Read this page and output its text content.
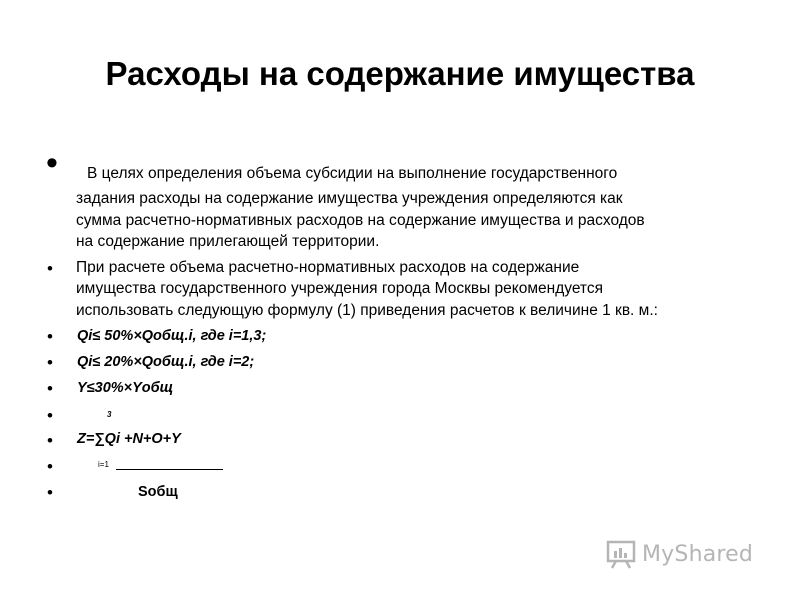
Расходы на содержание имущества
• В целях определения объема субсидии на выполнение государственного
задания расходы на содержание имущества учреждения определяются как
сумма расчетно-нормативных расходов на содержание имущества и расходов
на содержание прилегающей территории.
• При расчете объема расчетно-нормативных расходов на содержание
имущества государственного учреждения города Москвы рекомендуется
использовать следующую формулу (1) приведения расчетов к величине 1 кв. м.:
• Qi≤ 50%×Qобщ.i, где i=1,3;
• Qi≤ 20%×Qобщ.i, где i=2;
• Y≤30%×Yобщ
•	3
• Z=∑Qi +N+O+Y
•	i=1
•	Sобщ
MyShared
